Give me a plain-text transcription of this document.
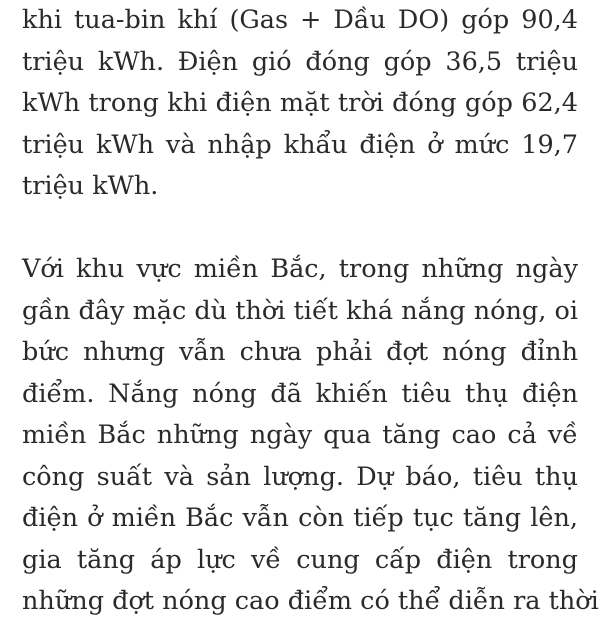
khi tua-bin khí (Gas + Dầu DO) góp 90,4
triệu kWh. Điện gió đóng góp 36,5 triệu
kWh trong khi điện mặt trời đóng góp 62,4
triệu kWh và nhập khẩu điện ở mức 19,7
triệu kWh.
Với khu vực miền Bắc, trong những ngày
gần đây mặc dù thời tiết khá nắng nóng, oi
bức nhưng vẫn chưa phải đợt nóng đỉnh
điểm. Nắng nóng đã khiến tiêu thụ điện
miền Bắc những ngày qua tăng cao cả về
công suất và sản lượng. Dự báo, tiêu thụ
điện ở miền Bắc vẫn còn tiếp tục tăng lên,
gia tăng áp lực về cung cấp điện trong
những đợt nóng cao điểm có thể diễn ra thời
